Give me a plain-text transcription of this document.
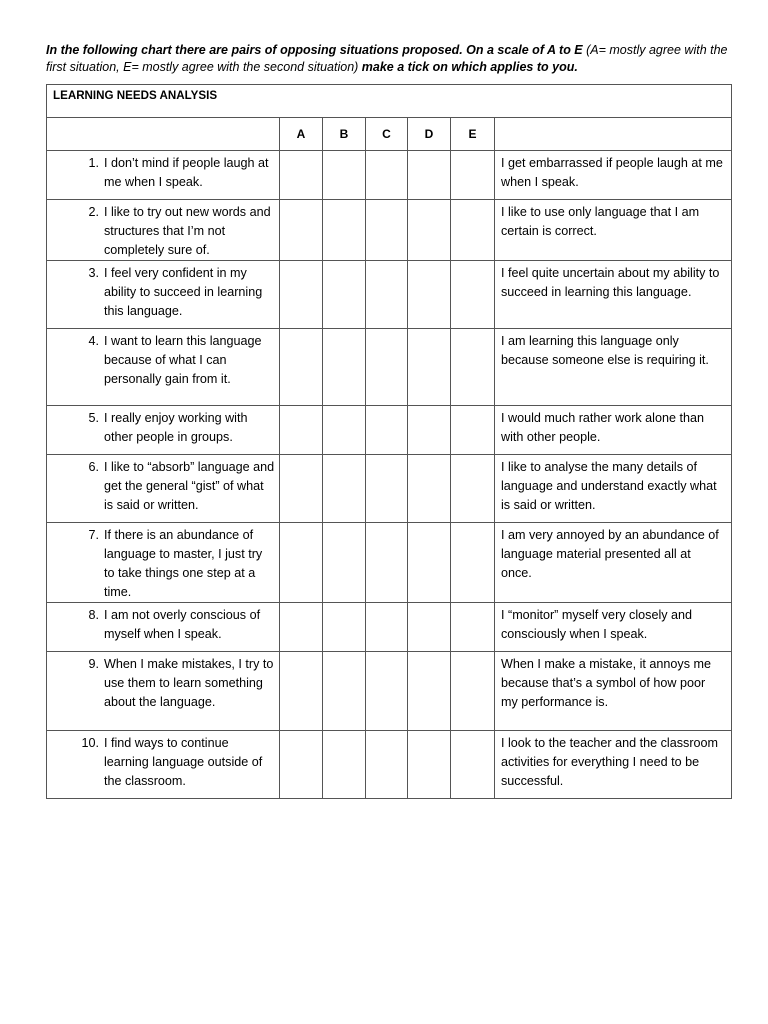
In the following chart there are pairs of opposing situations proposed. On a scale of A to E (A= mostly agree with the first situation, E= mostly agree with the second situation) make a tick on which applies to you.
LEARNING NEEDS ANALYSIS						
	A	B	C	D	E	

1. I don’t mind if people laugh at me when I speak.						I get embarrassed if people laugh at me when I speak.

2. I like to try out new words and structures that I’m not completely sure of.						I like to use only language that I am certain is correct.

3. I feel very confident in my ability to succeed in learning this language.						I feel quite uncertain about my ability to succeed in learning this language.

4. I want to learn this language because of what I can personally gain from it.						I am learning this language only because someone else is requiring it.

5. I really enjoy working with other people in groups.						I would much rather work alone than with other people.

6. I like to “absorb” language and get the general “gist” of what is said or written.						I like to analyse the many details of language and understand exactly what is said or written.

7. If there is an abundance of language to master, I just try to take things one step at a time.						I am very annoyed by an abundance of language material presented all at once.

8. I am not overly conscious of myself when I speak.						I “monitor” myself very closely and consciously when I speak.

9. When I make mistakes, I try to use them to learn something about the language.						When I make a mistake, it annoys me because that’s a symbol of how poor my performance is.

10. I find ways to continue learning language outside of the classroom.						I look to the teacher and the classroom activities for everything I need to be successful.
